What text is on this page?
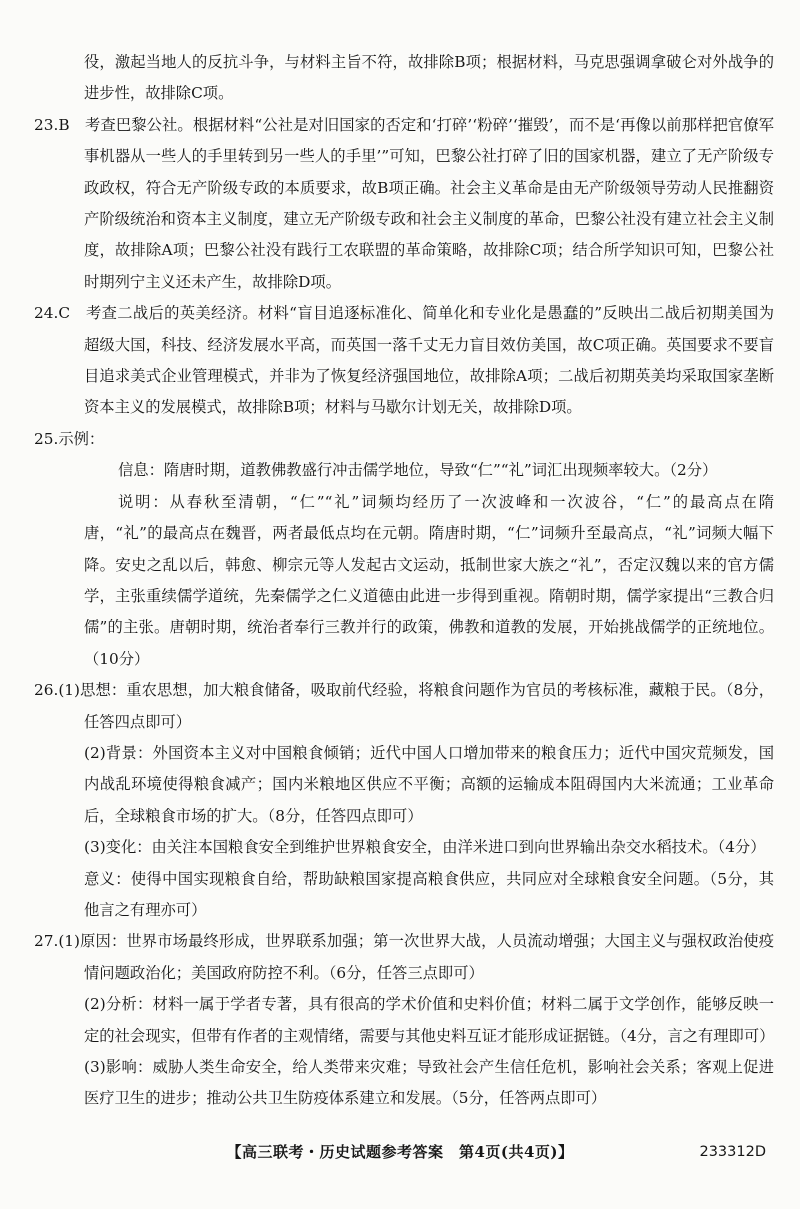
役，激起当地人的反抗斗争，与材料主旨不符，故排除B项；根据材料，马克思强调拿破仑对外战争的进步性，故排除C项。

23.B　考查巴黎公社。根据材料“公社是对旧国家的否定和‘打碎’‘粉碎’‘摧毁’，而不是‘再像以前那样把官僚军事机器从一些人的手里转到另一些人的手里’”可知，巴黎公社打碎了旧的国家机器，建立了无产阶级专政政权，符合无产阶级专政的本质要求，故B项正确。社会主义革命是由无产阶级领导劳动人民推翻资产阶级统治和资本主义制度，建立无产阶级专政和社会主义制度的革命，巴黎公社没有建立社会主义制度，故排除A项；巴黎公社没有践行工农联盟的革命策略，故排除C项；结合所学知识可知，巴黎公社时期列宁主义还未产生，故排除D项。

24.C　考查二战后的英美经济。材料“盲目追逐标准化、简单化和专业化是愚蠢的”反映出二战后初期美国为超级大国，科技、经济发展水平高，而英国一落千丈无力盲目效仿美国，故C项正确。英国要求不要盲目追求美式企业管理模式，并非为了恢复经济强国地位，故排除A项；二战后初期英美均采取国家垄断资本主义的发展模式，故排除B项；材料与马歇尔计划无关，故排除D项。

25.示例：

信息：隋唐时期，道教佛教盛行冲击儒学地位，导致“仁”“礼”词汇出现频率较大。（2分）

说明：从春秋至清朝，“仁”“礼”词频均经历了一次波峰和一次波谷，“仁”的最高点在隋唐，“礼”的最高点在魏晋，两者最低点均在元朝。隋唐时期，“仁”词频升至最高点，“礼”词频大幅下降。安史之乱以后，韩愈、柳宗元等人发起古文运动，抵制世家大族之“礼”，否定汉魏以来的官方儒学，主张重续儒学道统，先秦儒学之仁义道德由此进一步得到重视。隋朝时期，儒学家提出“三教合归儒”的主张。唐朝时期，统治者奉行三教并行的政策，佛教和道教的发展，开始挑战儒学的正统地位。（10分）

26.(1)思想：重农思想，加大粮食储备，吸取前代经验，将粮食问题作为官员的考核标准，藏粮于民。（8分，任答四点即可）

(2)背景：外国资本主义对中国粮食倾销；近代中国人口增加带来的粮食压力；近代中国灾荒频发，国内战乱环境使得粮食减产；国内米粮地区供应不平衡；高额的运输成本阻碍国内大米流通；工业革命后，全球粮食市场的扩大。（8分，任答四点即可）

(3)变化：由关注本国粮食安全到维护世界粮食安全，由洋米进口到向世界输出杂交水稻技术。（4分）

意义：使得中国实现粮食自给，帮助缺粮国家提高粮食供应，共同应对全球粮食安全问题。（5分，其他言之有理亦可）

27.(1)原因：世界市场最终形成，世界联系加强；第一次世界大战，人员流动增强；大国主义与强权政治使疫情问题政治化；美国政府防控不利。（6分，任答三点即可）

(2)分析：材料一属于学者专著，具有很高的学术价值和史料价值；材料二属于文学创作，能够反映一定的社会现实，但带有作者的主观情绪，需要与其他史料互证才能形成证据链。（4分，言之有理即可）

(3)影响：威胁人类生命安全，给人类带来灾难；导致社会产生信任危机，影响社会关系；客观上促进医疗卫生的进步；推动公共卫生防疫体系建立和发展。（5分，任答两点即可）

【高三联考・历史试题参考答案　第4页(共4页)】	233312D
